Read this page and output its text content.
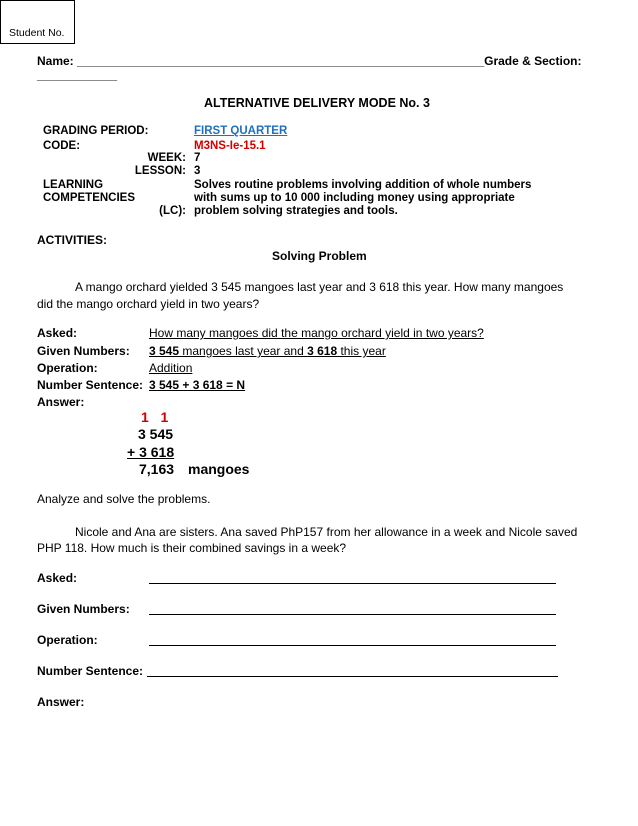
Student No.
Name: _____________________________________________________________Grade & Section:
____________
ALTERNATIVE DELIVERY MODE No. 3
GRADING PERIOD:	FIRST QUARTER
CODE:	M3NS-Ie-15.1
WEEK: 7
LESSON: 3
LEARNING
COMPETENCIES
(LC):
Solves routine problems involving addition of whole numbers
with sums up to 10 000 including money using appropriate
problem solving strategies and tools.
ACTIVITIES:
Solving Problem
A mango orchard yielded 3 545 mangoes last year and 3 618 this year. How many mangoes
did the mango orchard yield in two years?
Asked:	How many mangoes did the mango orchard yield in two years?
Given Numbers: 3 545 mangoes last year and 3 618 this year
Operation:	Addition
Number Sentence: 3 545 + 3 618 = N
Answer:
1   1
3 545
+ 3 618
7,163 mangoes
Analyze and solve the problems.
Nicole and Ana are sisters. Ana saved PhP157 from her allowance in a week and Nicole saved
PHP 118. How much is their combined savings in a week?
Asked:
Given Numbers:
Operation:
Number Sentence:
Answer:
